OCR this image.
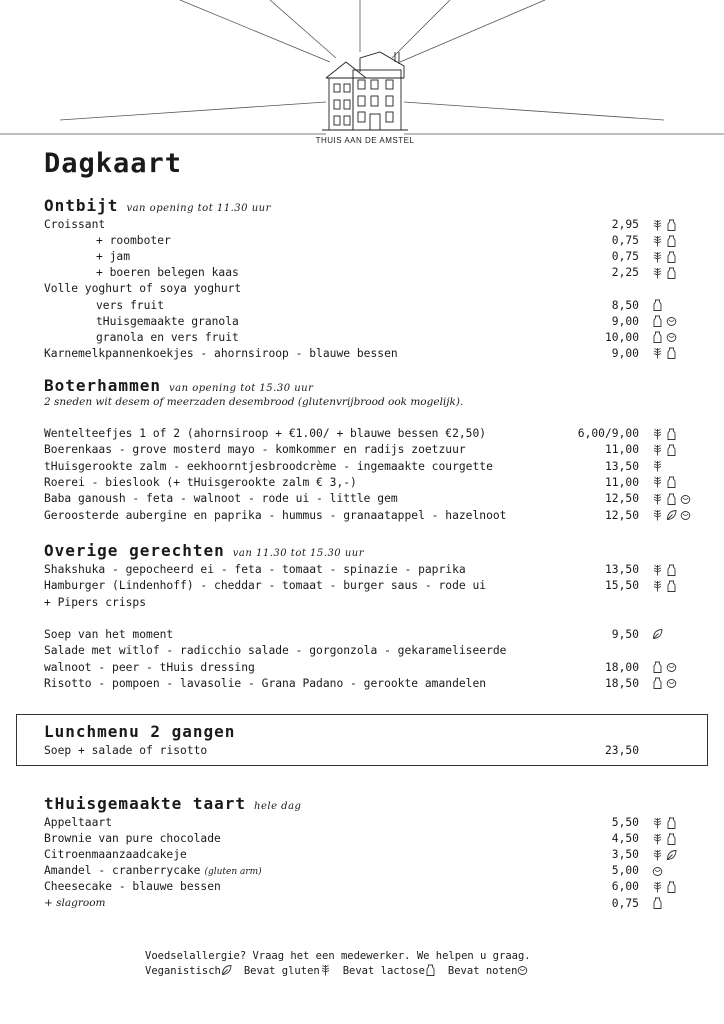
THUIS AAN DE AMSTEL
Dagkaart
Ontbijt van opening tot 11.30 uur
Croissant	2,95
+ roomboter	0,75
+ jam	0,75
+ boeren belegen kaas	2,25
Volle yoghurt of soya yoghurt
vers fruit	8,50
tHuisgemaakte granola	9,00
granola en vers fruit	10,00
Karnemelkpannenkoekjes - ahornsiroop - blauwe bessen	9,00
Boterhammen van opening tot 15.30 uur
2 sneden wit desem of meerzaden desembrood (glutenvrijbrood ook mogelijk).
Wentelteefjes 1 of 2 (ahornsiroop + €1.00/ + blauwe bessen €2,50)	6,00/9,00
Boerenkaas - grove mosterd mayo - komkommer en radijs zoetzuur	11,00
tHuisgerookte zalm - eekhoorntjesbroodcrème - ingemaakte courgette	13,50
Roerei - bieslook (+ tHuisgerookte zalm € 3,-)	11,00
Baba ganoush - feta - walnoot - rode ui - little gem	12,50
Geroosterde aubergine en paprika - hummus - granaatappel - hazelnoot	12,50
Overige gerechten van 11.30 tot 15.30 uur
Shakshuka - gepocheerd ei - feta - tomaat - spinazie - paprika	13,50
Hamburger (Lindenhoff) - cheddar - tomaat - burger saus - rode ui	15,50
+ Pipers crisps
Soep van het moment	9,50
Salade met witlof - radicchio salade - gorgonzola - gekarameliseerde
walnoot - peer - tHuis dressing	18,00
Risotto - pompoen - lavasolie - Grana Padano - gerookte amandelen	18,50
Lunchmenu 2 gangen
Soep + salade of risotto	23,50
tHuisgemaakte taart hele dag
Appeltaart	5,50
Brownie van pure chocolade	4,50
Citroenmaanzaadcakeje	3,50
Amandel - cranberrycake (gluten arm)	5,00
Cheesecake - blauwe bessen	6,00
+ slagroom	0,75
Voedselallergie? Vraag het een medewerker. We helpen u graag.
Veganistisch Bevat gluten Bevat lactose Bevat noten
